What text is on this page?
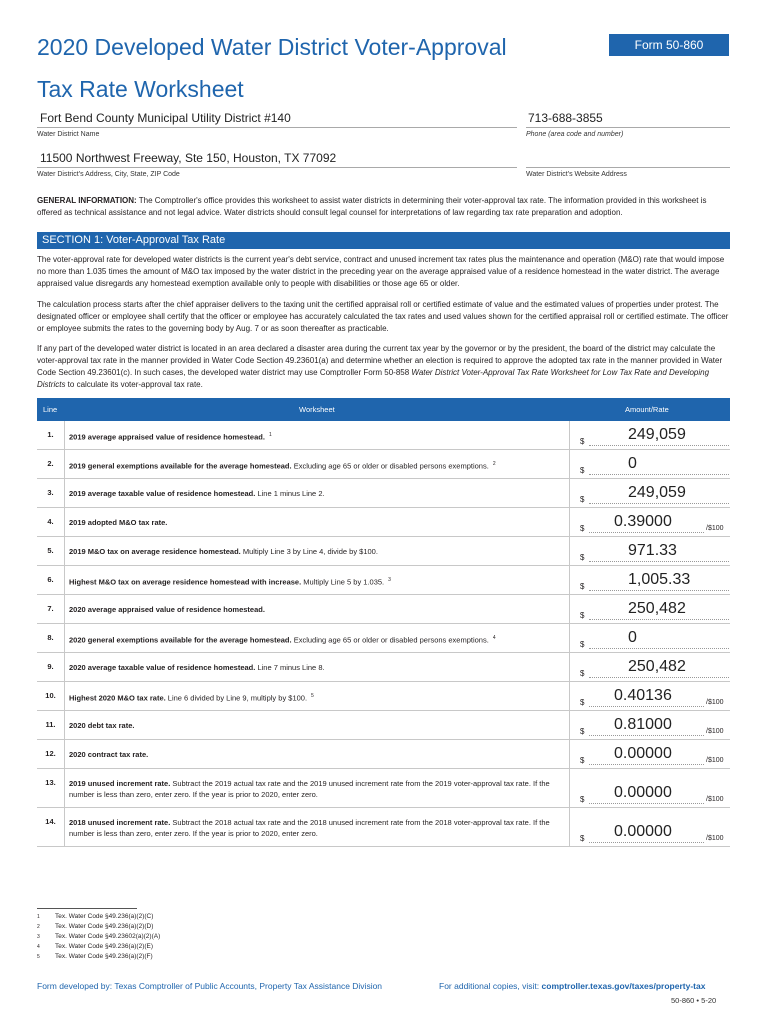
2020 Developed Water District Voter-Approval
Tax Rate Worksheet
Form 50-860
Fort Bend County Municipal Utility District #140
Water District Name
713-688-3855
Phone (area code and number)
11500 Northwest Freeway, Ste 150, Houston, TX 77092
Water District's Address, City, State, ZIP Code	Water District's Website Address
GENERAL INFORMATION: The Comptroller's office provides this worksheet to assist water districts in determining their voter-approval tax rate. The information provided in this worksheet is offered as technical assistance and not legal advice. Water districts should consult legal counsel for interpretations of law regarding tax rate preparation and adoption.
SECTION 1: Voter-Approval Tax Rate
The voter-approval rate for developed water districts is the current year's debt service, contract and unused increment tax rates plus the maintenance and operation (M&O) rate that would impose no more than 1.035 times the amount of M&O tax imposed by the water district in the preceding year on the average appraised value of a residence homestead in the water district. The average appraised value disregards any homestead exemption available only to people with disabilities or those age 65 or older.
The calculation process starts after the chief appraiser delivers to the taxing unit the certified appraisal roll or certified estimate of value and the estimated values of properties under protest. The designated officer or employee shall certify that the officer or employee has accurately calculated the tax rates and used values shown for the certified appraisal roll or certified estimate. The officer or employee submits the rates to the governing body by Aug. 7 or as soon thereafter as practicable.
If any part of the developed water district is located in an area declared a disaster area during the current tax year by the governor or by the president, the board of the district may calculate the voter-approval tax rate in the manner provided in Water Code Section 49.23601(a) and determine whether an election is required to approve the adopted tax rate in the manner provided in Water Code Section 49.23601(c). In such cases, the developed water district may use Comptroller Form 50-858 Water District Voter-Approval Tax Rate Worksheet for Low Tax Rate and Developing Districts to calculate its voter-approval tax rate.
Line	Worksheet	Amount/Rate
1.	2019 average appraised value of residence homestead. $^1$
$	249,059
2.	2019 general exemptions available for the average homestead. Excluding age 65 or older or disabled persons exemptions. $^2$
$	0
3.	2019 average taxable value of residence homestead. Line 1 minus Line 2.
$	249,059
4.	2019 adopted M&O tax rate.
$ 0.39000	/$100
5.	2019 M&O tax on average residence homestead. Multiply Line 3 by Line 4, divide by $100.
$	971.33
6.	Highest M&O tax on average residence homestead with increase. Multiply Line 5 by 1.035. $^3$
$	1,005.33
7.	2020 average appraised value of residence homestead.
$	250,482
8.	2020 general exemptions available for the average homestead. Excluding age 65 or older or disabled persons exemptions. $^4$
$	0
9.	2020 average taxable value of residence homestead. Line 7 minus Line 8.
$	250,482
10.	Highest 2020 M&O tax rate. Line 6 divided by Line 9, multiply by $100. $^5$
$ 0.40136	/$100
11.	2020 debt tax rate.
$ 0.81000	/$100
12.	2020 contract tax rate.
$ 0.00000	/$100
13.	2019 unused increment rate. Subtract the 2019 actual tax rate and the 2019 unused increment rate from the 2019 voter-approval tax rate. If the number is less than zero, enter zero. If the year is prior to 2020, enter zero.
$ 0.00000	/$100
14.	2018 unused increment rate. Subtract the 2018 actual tax rate and the 2018 unused increment rate from the 2018 voter-approval tax rate. If the number is less than zero, enter zero. If the year is prior to 2020, enter zero.
$ 0.00000	/$100
1 Tex. Water Code §49.236(a)(2)(C)
2 Tex. Water Code §49.236(a)(2)(D)
3 Tex. Water Code §49.23602(a)(2)(A)
4 Tex. Water Code §49.236(a)(2)(E)
5 Tex. Water Code §49.236(a)(2)(F)
Form developed by: Texas Comptroller of Public Accounts, Property Tax Assistance Division	For additional copies, visit: comptroller.texas.gov/taxes/property-tax
50-860 • 5-20
